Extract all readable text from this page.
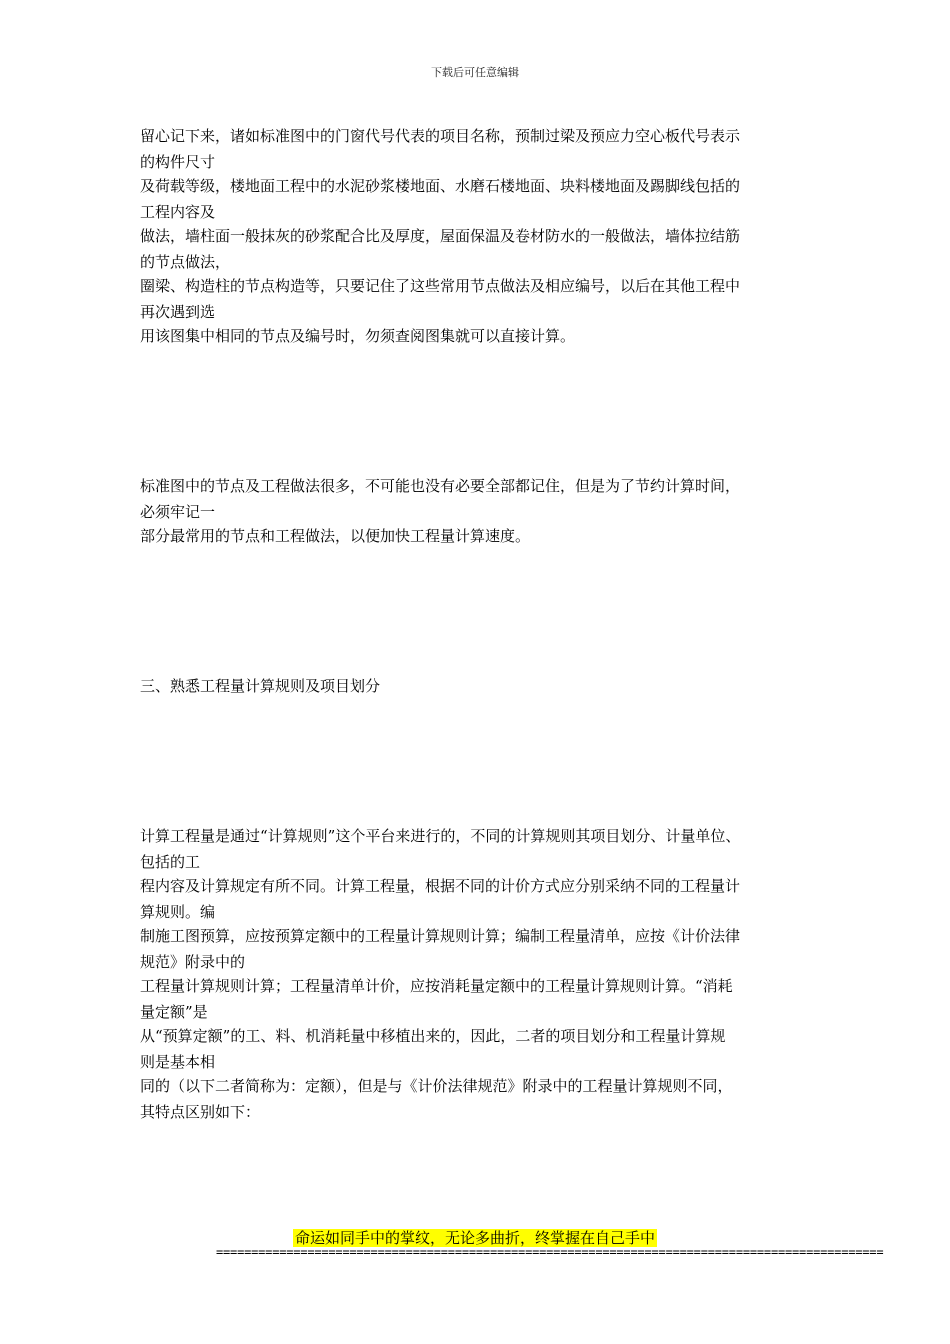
下载后可任意编辑
留心记下来，诸如标准图中的门窗代号代表的项目名称，预制过梁及预应力空心板代号表示
的构件尺寸
及荷载等级，楼地面工程中的水泥砂浆楼地面、水磨石楼地面、块料楼地面及踢脚线包括的
工程内容及
做法，墙柱面一般抹灰的砂浆配合比及厚度，屋面保温及卷材防水的一般做法，墙体拉结筋
的节点做法，
圈梁、构造柱的节点构造等，只要记住了这些常用节点做法及相应编号，以后在其他工程中
再次遇到选
用该图集中相同的节点及编号时，勿须查阅图集就可以直接计算。
标准图中的节点及工程做法很多，不可能也没有必要全部都记住，但是为了节约计算时间，
必须牢记一
部分最常用的节点和工程做法，以便加快工程量计算速度。
三、熟悉工程量计算规则及项目划分
计算工程量是通过“计算规则”这个平台来进行的，不同的计算规则其项目划分、计量单位、
包括的工
程内容及计算规定有所不同。计算工程量，根据不同的计价方式应分别采纳不同的工程量计
算规则。编
制施工图预算，应按预算定额中的工程量计算规则计算；编制工程量清单，应按《计价法律
规范》附录中的
工程量计算规则计算；工程量清单计价，应按消耗量定额中的工程量计算规则计算。“消耗
量定额”是
从“预算定额”的工、料、机消耗量中移植出来的，因此，二者的项目划分和工程量计算规
则是基本相
同的（以下二者简称为：定额），但是与《计价法律规范》附录中的工程量计算规则不同，
其特点区别如下：
命运如同手中的掌纹，无论多曲折，终掌握在自己手中
===============================================================================================
